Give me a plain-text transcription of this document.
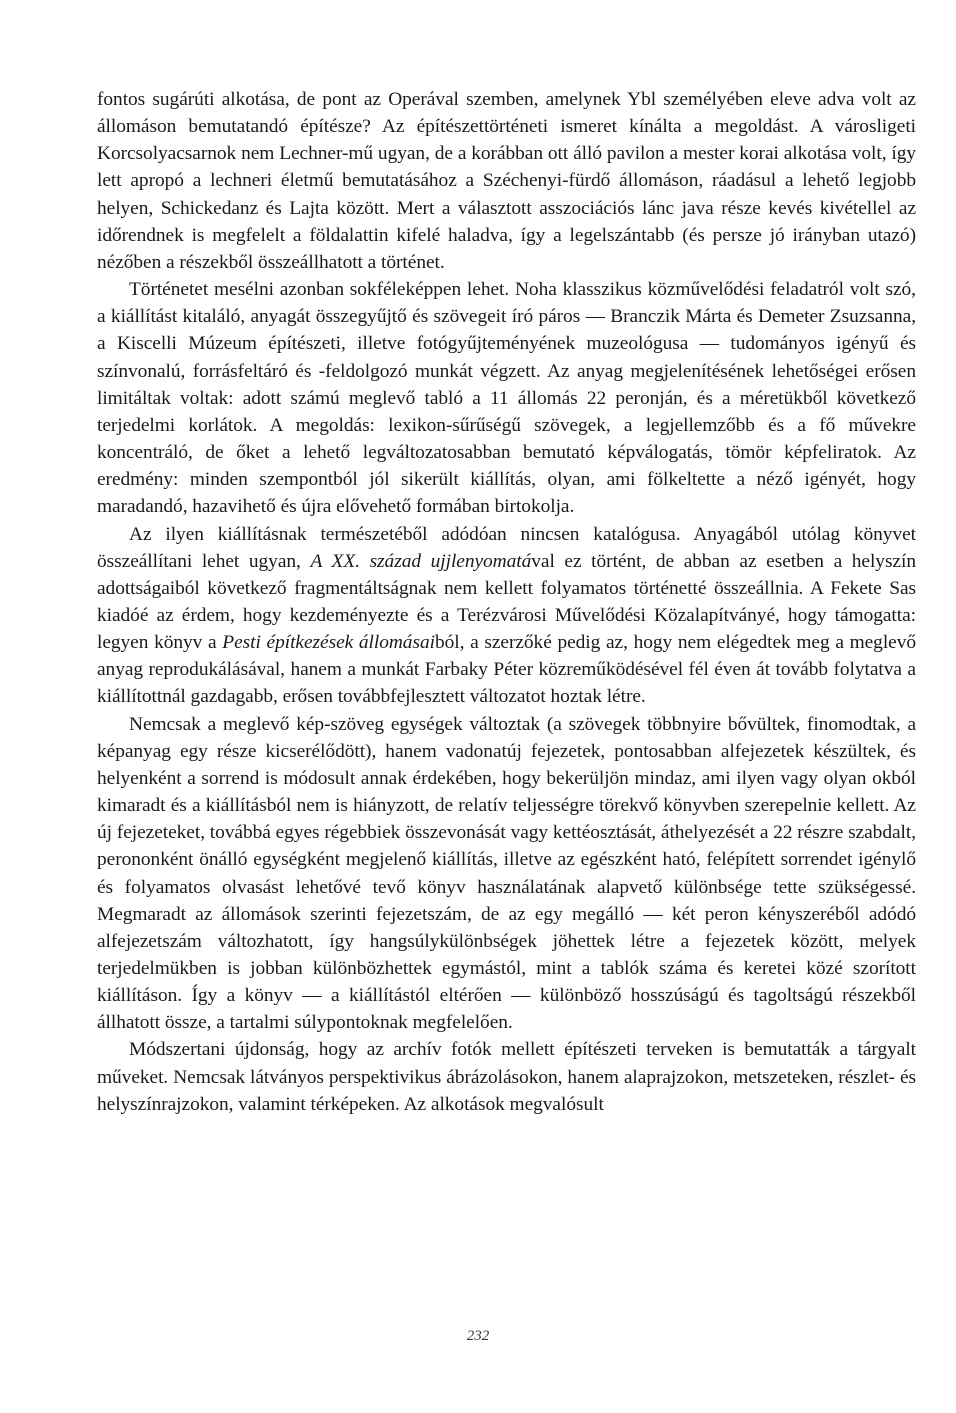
fontos sugárúti alkotása, de pont az Operával szemben, amelynek Ybl személyében eleve adva volt az állomáson bemutatandó építésze? Az építészettörténeti ismeret kínálta a megoldást. A városligeti Korcsolyacsarnok nem Lechner-mű ugyan, de a korábban ott álló pavilon a mester korai alkotása volt, így lett apropó a lechneri életmű bemutatásához a Széchenyi-fürdő állomáson, ráadásul a lehető legjobb helyen, Schickedanz és Lajta között. Mert a választott asszociációs lánc java része kevés kivétellel az időrendnek is megfelelt a földalattin kifelé haladva, így a legelszántabb (és persze jó irányban utazó) nézőben a részekből összeállhatott a történet.

Történetet mesélni azonban sokféleképpen lehet. Noha klasszikus közművelődési feladatról volt szó, a kiállítást kitaláló, anyagát összegyűjtő és szövegeit író páros — Branczik Márta és Demeter Zsuzsanna, a Kiscelli Múzeum építészeti, illetve fotógyűjteményének muzeológusa — tudományos igényű és színvonalú, forrásfeltáró és -feldolgozó munkát végzett. Az anyag megjelenítésének lehetőségei erősen limitáltak voltak: adott számú meglevő tabló a 11 állomás 22 peronján, és a méretükből következő terjedelmi korlátok. A megoldás: lexikon-sűrűségű szövegek, a legjellemzőbb és a fő művekre koncentráló, de őket a lehető legváltozatosabban bemutató képválogatás, tömör képfeliratok. Az eredmény: minden szempontból jól sikerült kiállítás, olyan, ami fölkeltette a néző igényét, hogy maradandó, hazavihető és újra elővehető formában birtokolja.

Az ilyen kiállításnak természetéből adódóan nincsen katalógusa. Anyagából utólag könyvet összeállítani lehet ugyan, A XX. század ujjlenyomatával ez történt, de abban az esetben a helyszín adottságaiból következő fragmentáltságnak nem kellett folyamatos történetté összeállnia. A Fekete Sas kiadóé az érdem, hogy kezdeményezte és a Terézvárosi Művelődési Közalapítványé, hogy támogatta: legyen könyv a Pesti építkezések állomásaiból, a szerzőké pedig az, hogy nem elégedtek meg a meglevő anyag reprodukálásával, hanem a munkát Farbaky Péter közreműködésével fél éven át tovább folytatva a kiállítottnál gazdagabb, erősen továbbfejlesztett változatot hoztak létre.

Nemcsak a meglevő kép-szöveg egységek változtak (a szövegek többnyire bővültek, finomodtak, a képanyag egy része kicserélődött), hanem vadonatúj fejezetek, pontosabban alfejezetek készültek, és helyenként a sorrend is módosult annak érdekében, hogy bekerüljön mindaz, ami ilyen vagy olyan okból kimaradt és a kiállításból nem is hiányzott, de relatív teljességre törekvő könyvben szerepelnie kellett. Az új fejezeteket, továbbá egyes régebbiek összevonását vagy kettéosztását, áthelyezését a 22 részre szabdalt, perononként önálló egységként megjelenő kiállítás, illetve az egészként ható, felépített sorrendet igénylő és folyamatos olvasást lehetővé tevő könyv használatának alapvető különbsége tette szükségessé. Megmaradt az állomások szerinti fejezetszám, de az egy megálló — két peron kényszeréből adódó alfejezetszám változhatott, így hangsúlykülönbségek jöhettek létre a fejezetek között, melyek terjedelmükben is jobban különbözhettek egymástól, mint a tablók száma és keretei közé szorított kiállításon. Így a könyv — a kiállítástól eltérően — különböző hosszúságú és tagoltságú részekből állhatott össze, a tartalmi súlypontoknak megfelelően.

Módszertani újdonság, hogy az archív fotók mellett építészeti terveken is bemutatták a tárgyalt műveket. Nemcsak látványos perspektivikus ábrázolásokon, hanem alaprajzokon, metszeteken, részlet- és helyszínrajzokon, valamint térképeken. Az alkotások megvalósult

232
